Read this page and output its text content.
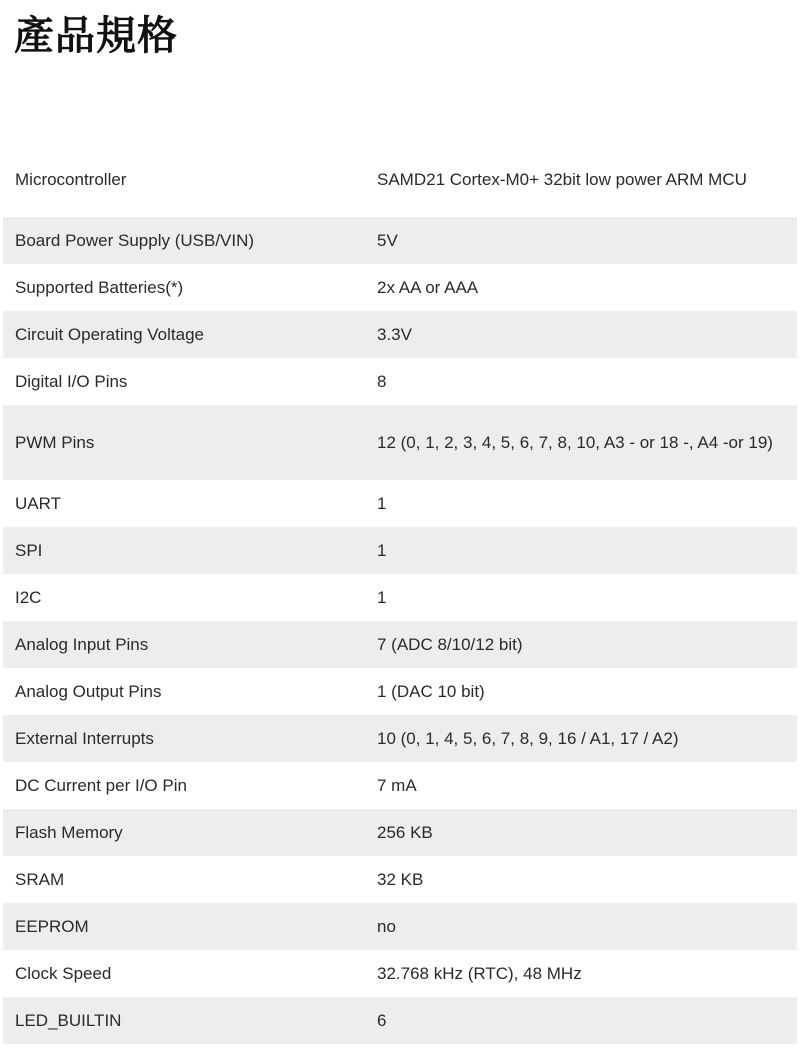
產品規格
Microcontroller	SAMD21 Cortex-M0+ 32bit low power ARM MCU
Board Power Supply (USB/VIN)	5V
Supported Batteries(*)	2x AA or AAA
Circuit Operating Voltage	3.3V
Digital I/O Pins	8
PWM Pins	12 (0, 1, 2, 3, 4, 5, 6, 7, 8, 10, A3 - or 18 -, A4 -or 19)
UART	1
SPI	1
I2C	1
Analog Input Pins	7 (ADC 8/10/12 bit)
Analog Output Pins	1 (DAC 10 bit)
External Interrupts	10 (0, 1, 4, 5, 6, 7, 8, 9, 16 / A1, 17 / A2)
DC Current per I/O Pin	7 mA
Flash Memory	256 KB
SRAM	32 KB
EEPROM	no
Clock Speed	32.768 kHz (RTC), 48 MHz
LED_BUILTIN	6
